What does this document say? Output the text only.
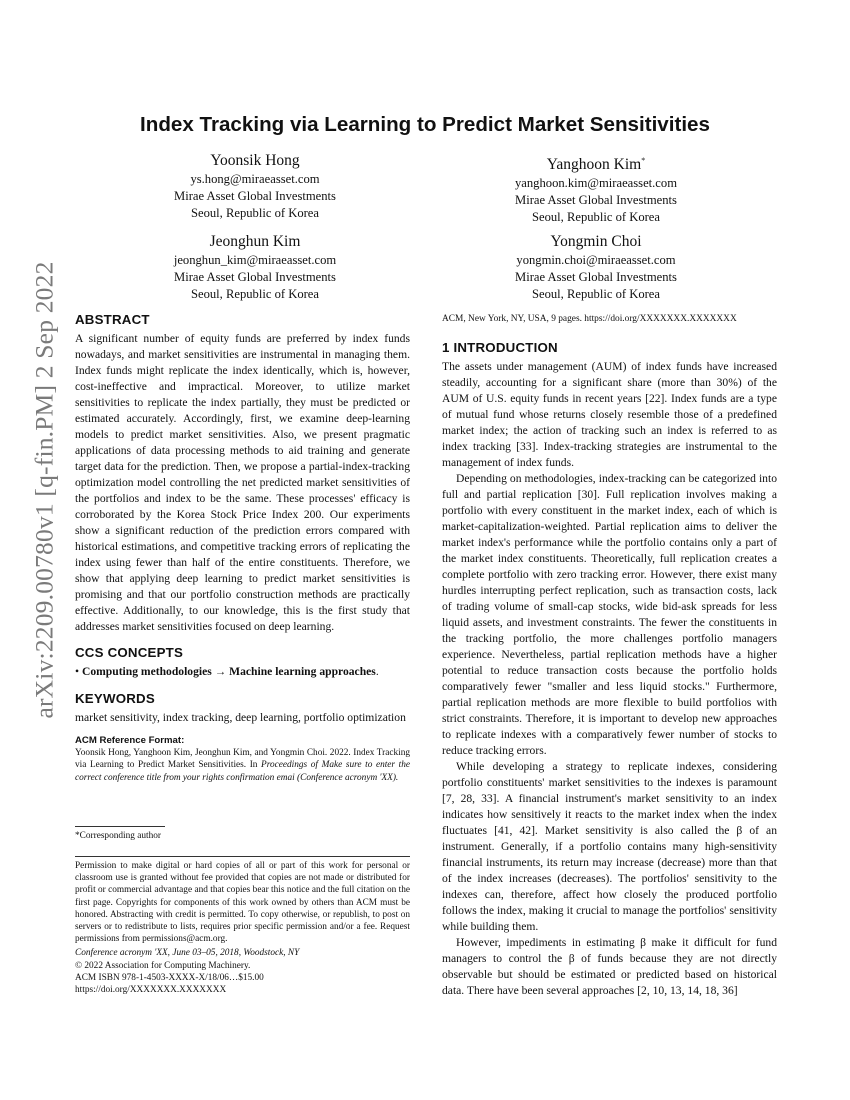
arXiv:2209.00780v1 [q-fin.PM] 2 Sep 2022
Index Tracking via Learning to Predict Market Sensitivities
Yoonsik Hong
ys.hong@miraeasset.com
Mirae Asset Global Investments
Seoul, Republic of Korea
Yanghoon Kim*
yanghoon.kim@miraeasset.com
Mirae Asset Global Investments
Seoul, Republic of Korea
Jeonghun Kim
jeonghun_kim@miraeasset.com
Mirae Asset Global Investments
Seoul, Republic of Korea
Yongmin Choi
yongmin.choi@miraeasset.com
Mirae Asset Global Investments
Seoul, Republic of Korea
ABSTRACT

A significant number of equity funds are preferred by index funds nowadays, and market sensitivities are instrumental in managing them. Index funds might replicate the index identically, which is, however, cost-ineffective and impractical. Moreover, to utilize market sensitivities to replicate the index partially, they must be predicted or estimated accurately. Accordingly, first, we examine deep-learning models to predict market sensitivities. Also, we present pragmatic applications of data processing methods to aid training and generate target data for the prediction. Then, we propose a partial-index-tracking optimization model controlling the net predicted market sensitivities of the portfolios and index to be the same. These processes' efficacy is corroborated by the Korea Stock Price Index 200. Our experiments show a significant reduction of the prediction errors compared with historical estimations, and competitive tracking errors of replicating the index using fewer than half of the entire constituents. Therefore, we show that applying deep learning to predict market sensitivities is promising and that our portfolio construction methods are practically effective. Additionally, to our knowledge, this is the first study that addresses market sensitivities focused on deep learning.

CCS CONCEPTS

• Computing methodologies → Machine learning approaches.

KEYWORDS

market sensitivity, index tracking, deep learning, portfolio optimization

ACM Reference Format:
Yoonsik Hong, Yanghoon Kim, Jeonghun Kim, and Yongmin Choi. 2022. Index Tracking via Learning to Predict Market Sensitivities. In Proceedings of Make sure to enter the correct conference title from your rights confirmation emai (Conference acronym 'XX).
*Corresponding author
Permission to make digital or hard copies of all or part of this work for personal or classroom use is granted without fee provided that copies are not made or distributed for profit or commercial advantage and that copies bear this notice and the full citation on the first page. Copyrights for components of this work owned by others than ACM must be honored. Abstracting with credit is permitted. To copy otherwise, or republish, to post on servers or to redistribute to lists, requires prior specific permission and/or a fee. Request permissions from permissions@acm.org.
Conference acronym 'XX, June 03–05, 2018, Woodstock, NY
© 2022 Association for Computing Machinery.
ACM ISBN 978-1-4503-XXXX-X/18/06…$15.00
https://doi.org/XXXXXXX.XXXXXXX

ACM, New York, NY, USA, 9 pages. https://doi.org/XXXXXXX.XXXXXXX

1 INTRODUCTION

The assets under management (AUM) of index funds have increased steadily, accounting for a significant share (more than 30%) of the AUM of U.S. equity funds in recent years [22]. Index funds are a type of mutual fund whose returns closely resemble those of a predefined market index; the action of tracking such an index is referred to as index tracking [33]. Index-tracking strategies are instrumental to the management of index funds.

Depending on methodologies, index-tracking can be categorized into full and partial replication [30]. Full replication involves making a portfolio with every constituent in the market index, each of which is market-capitalization-weighted. Partial replication aims to deliver the market index's performance while the portfolio contains only a part of the market index constituents. Theoretically, full replication creates a complete portfolio with zero tracking error. However, there exist many hurdles interrupting perfect replication, such as transaction costs, lack of trading volume of small-cap stocks, wide bid-ask spreads for less liquid assets, and investment constraints. The fewer the constituents in the tracking portfolio, the more challenges portfolio managers experience. Nevertheless, partial replication methods have a higher potential to reduce transaction costs because the portfolio holds comparatively fewer "smaller and less liquid stocks." Furthermore, partial replication methods are more flexible to build portfolios with strict constraints. Therefore, it is important to develop new approaches to replicate indexes with a comparatively fewer number of stocks to reduce tracking errors.

While developing a strategy to replicate indexes, considering portfolio constituents' market sensitivities to the indexes is paramount [7, 28, 33]. A financial instrument's market sensitivity to an index indicates how sensitively it reacts to the market index when the index fluctuates [41, 42]. Market sensitivity is also called the β of an instrument. Generally, if a portfolio contains many high-sensitivity financial instruments, its return may increase (decrease) more than that of the index increases (decreases). The portfolios' sensitivity to the indexes can, therefore, affect how closely the produced portfolio follows the index, making it crucial to manage the portfolios' sensitivity while building them.

However, impediments in estimating β make it difficult for fund managers to control the β of funds because they are not directly observable but should be estimated or predicted based on historical data. There have been several approaches [2, 10, 13, 14, 18, 36]
